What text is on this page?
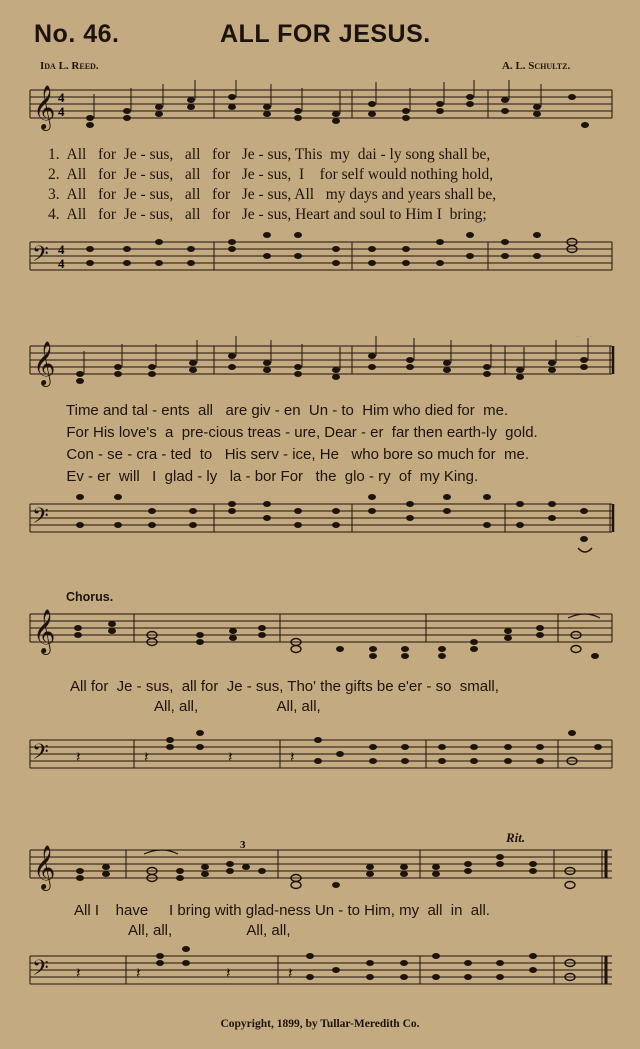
No. 46.	ALL FOR JESUS.
Ida L. Reed.	A. L. Schultz.
𝄞 4
4
1.  All   for  Je - sus,   all   for   Je - sus, This  my  dai - ly song shall be,
2.  All   for  Je - sus,   all   for   Je - sus,  I    for self would nothing hold,
3.  All   for  Je - sus,   all   for   Je - sus, All   my days and years shall be,
4.  All   for  Je - sus,   all   for   Je - sus, Heart and soul to Him I  bring;
𝄢 4
4
𝄞
Time and tal - ents  all   are giv - en  Un - to  Him who died for  me.
For His love's  a  pre-cious treas - ure, Dear - er  far then earth-ly  gold.
Con - se - cra - ted  to   His serv - ice, He   who bore so much for  me.
Ev - er  will   I  glad - ly   la - bor For   the  glo - ry  of  my King.
𝄢
Chorus.
𝄞
All for  Je - sus,  all for  Je - sus, Tho' the gifts be e'er - so  small,
All, all,                   All, all,
𝄢 𝄽	𝄽	𝄽	𝄽
𝄞
3	Rit.
All I    have     I bring with glad-ness Un - to Him, my  all  in  all.
All, all,                  All, all,
𝄢 𝄽	𝄽	𝄽	𝄽
Copyright, 1899, by Tullar-Meredith Co.
